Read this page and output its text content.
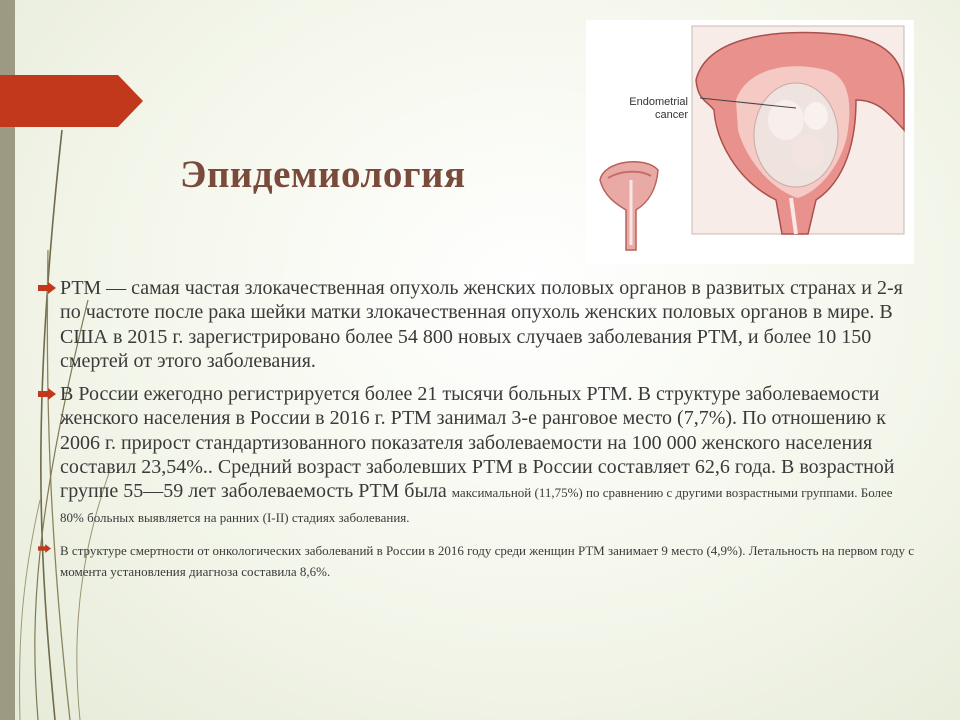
Эпидемиология
Endometrial
cancer
РТМ — самая частая злокачественная опухоль женских половых органов в развитых странах и 2-я по частоте после рака шейки матки злокачественная опухоль женских половых органов в мире. В США в 2015 г. зарегистрировано более 54 800 новых случаев заболевания РТМ, и более 10 150 смертей от этого заболевания.
В России ежегодно регистрируется более 21 тысячи больных РТМ. В структуре заболеваемости женского населения в России в 2016 г. РТМ занимал 3-е ранговое место (7,7%). По отношению к 2006 г. прирост стандартизованного показателя заболеваемости на 100 000 женского населения составил 23,54%.. Средний возраст заболевших РТМ в России составляет 62,6 года. В возрастной группе 55—59 лет заболеваемость РТМ была максимальной (11,75%) по сравнению с другими возрастными группами. Более 80% больных выявляется на ранних (I-II) стадиях заболевания.
В структуре смертности от онкологических заболеваний в России в 2016 году среди женщин РТМ занимает 9 место (4,9%). Летальность на первом году с момента установления диагноза составила 8,6%.
